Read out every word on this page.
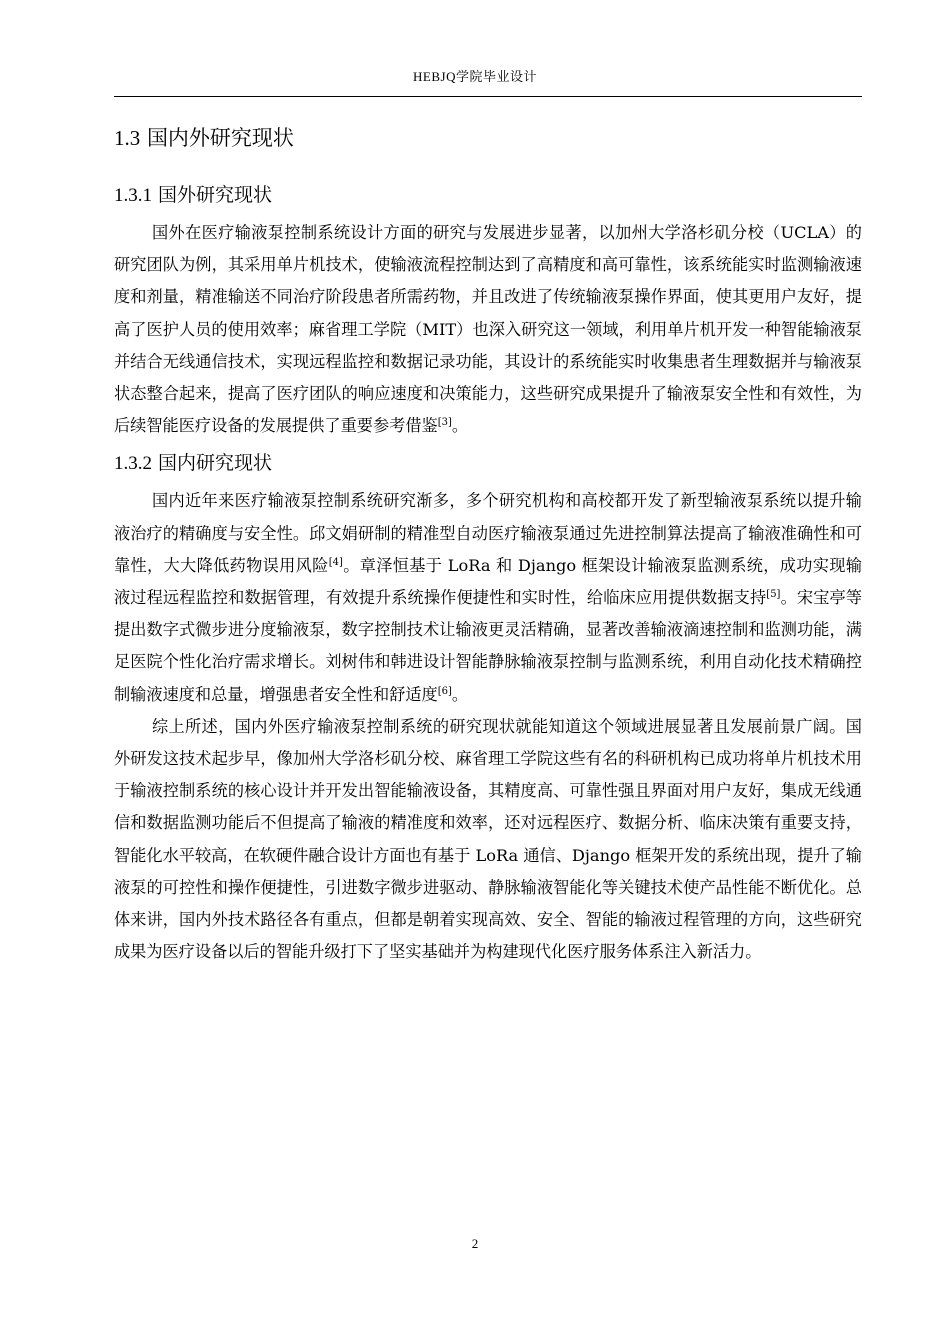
HEBJQ学院毕业设计
1.3 国内外研究现状
1.3.1 国外研究现状

国外在医疗输液泵控制系统设计方面的研究与发展进步显著，以加州大学洛杉矶分校（UCLA）的研究团队为例，其采用单片机技术，使输液流程控制达到了高精度和高可靠性，该系统能实时监测输液速度和剂量，精准输送不同治疗阶段患者所需药物，并且改进了传统输液泵操作界面，使其更用户友好，提高了医护人员的使用效率；麻省理工学院（MIT）也深入研究这一领域，利用单片机开发一种智能输液泵并结合无线通信技术，实现远程监控和数据记录功能，其设计的系统能实时收集患者生理数据并与输液泵状态整合起来，提高了医疗团队的响应速度和决策能力，这些研究成果提升了输液泵安全性和有效性，为后续智能医疗设备的发展提供了重要参考借鉴[3]。

1.3.2 国内研究现状

国内近年来医疗输液泵控制系统研究渐多，多个研究机构和高校都开发了新型输液泵系统以提升输液治疗的精确度与安全性。邱文娟研制的精准型自动医疗输液泵通过先进控制算法提高了输液准确性和可靠性，大大降低药物误用风险[4]。章泽恒基于 LoRa 和 Django 框架设计输液泵监测系统，成功实现输液过程远程监控和数据管理，有效提升系统操作便捷性和实时性，给临床应用提供数据支持[5]。宋宝亭等提出数字式微步进分度输液泵，数字控制技术让输液更灵活精确，显著改善输液滴速控制和监测功能，满足医院个性化治疗需求增长。刘树伟和韩进设计智能静脉输液泵控制与监测系统，利用自动化技术精确控制输液速度和总量，增强患者安全性和舒适度[6]。

综上所述，国内外医疗输液泵控制系统的研究现状就能知道这个领域进展显著且发展前景广阔。国外研发这技术起步早，像加州大学洛杉矶分校、麻省理工学院这些有名的科研机构已成功将单片机技术用于输液控制系统的核心设计并开发出智能输液设备，其精度高、可靠性强且界面对用户友好，集成无线通信和数据监测功能后不但提高了输液的精准度和效率，还对远程医疗、数据分析、临床决策有重要支持，智能化水平较高，在软硬件融合设计方面也有基于 LoRa 通信、Django 框架开发的系统出现，提升了输液泵的可控性和操作便捷性，引进数字微步进驱动、静脉输液智能化等关键技术使产品性能不断优化。总体来讲，国内外技术路径各有重点，但都是朝着实现高效、安全、智能的输液过程管理的方向，这些研究成果为医疗设备以后的智能升级打下了坚实基础并为构建现代化医疗服务体系注入新活力。

2
